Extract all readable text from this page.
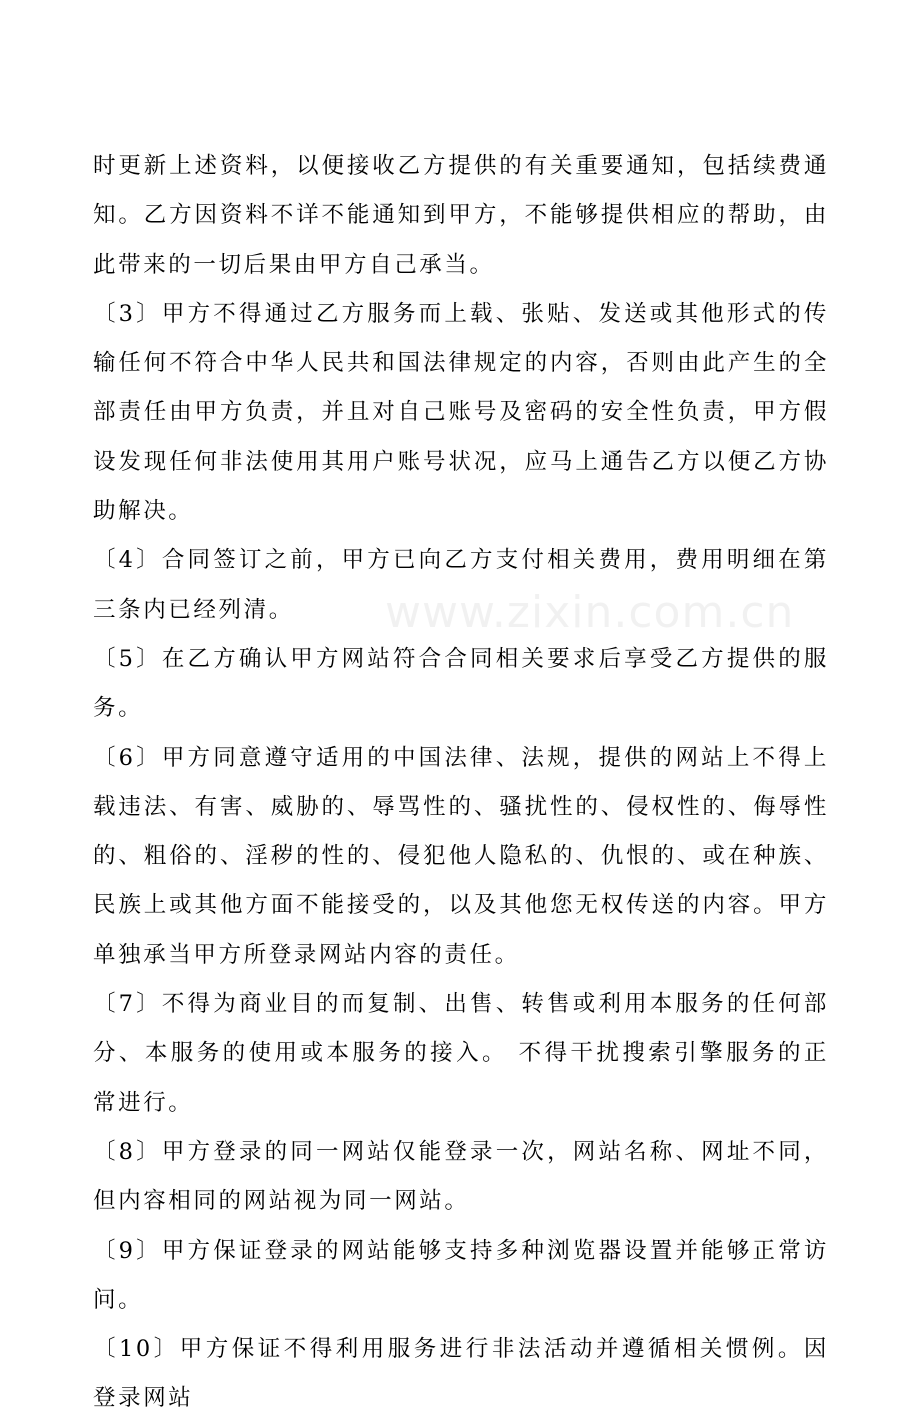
www.zixin.com.cn

时更新上述资料，以便接收乙方提供的有关重要通知，包括续费通知。乙方因资料不详不能通知到甲方，不能够提供相应的帮助，由此带来的一切后果由甲方自己承当。

〔3〕甲方不得通过乙方服务而上载、张贴、发送或其他形式的传输任何不符合中华人民共和国法律规定的内容，否则由此产生的全部责任由甲方负责，并且对自己账号及密码的安全性负责，甲方假设发现任何非法使用其用户账号状况，应马上通告乙方以便乙方协助解决。

〔4〕合同签订之前，甲方已向乙方支付相关费用，费用明细在第三条内已经列清。

〔5〕在乙方确认甲方网站符合合同相关要求后享受乙方提供的服务。

〔6〕甲方同意遵守适用的中国法律、法规，提供的网站上不得上载违法、有害、威胁的、辱骂性的、骚扰性的、侵权性的、侮辱性的、粗俗的、淫秽的性的、侵犯他人隐私的、仇恨的、或在种族、民族上或其他方面不能接受的，以及其他您无权传送的内容。甲方单独承当甲方所登录网站内容的责任。

〔7〕不得为商业目的而复制、出售、转售或利用本服务的任何部分、本服务的使用或本服务的接入。 不得干扰搜索引擎服务的正常进行。

〔8〕甲方登录的同一网站仅能登录一次，网站名称、网址不同，但内容相同的网站视为同一网站。

〔9〕甲方保证登录的网站能够支持多种浏览器设置并能够正常访问。

〔10〕甲方保证不得利用服务进行非法活动并遵循相关惯例。因登录网站
